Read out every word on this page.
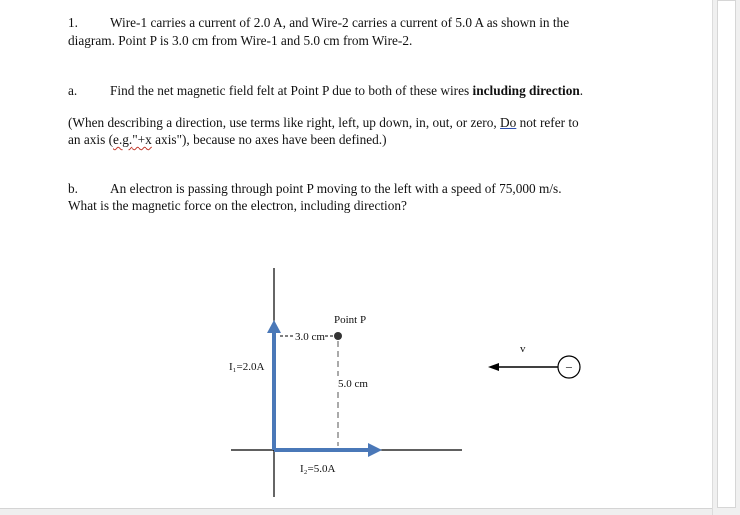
1. Wire-1 carries a current of 2.0 A, and Wire-2 carries a current of 5.0 A as shown in the
diagram. Point P is 3.0 cm from Wire-1 and 5.0 cm from Wire-2.
a. Find the net magnetic field felt at Point P due to both of these wires including direction.
(When describing a direction, use terms like right, left, up down, in, out, or zero, Do not refer to
an axis (e.g."+x axis"), because no axes have been defined.)
b. An electron is passing through point P moving to the left with a speed of 75,000 m/s.
What is the magnetic force on the electron, including direction?
3.0 cm
Point P
5.0 cm
I₁=2.0A
I₂=5.0A
v
−
